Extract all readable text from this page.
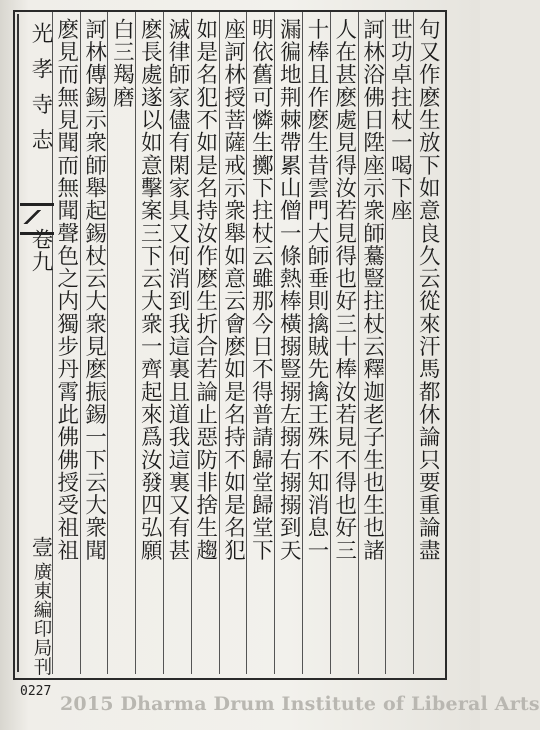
光孝寺志
卷九
壹
廣東編印局刊
句又作麽生放下如意良久云從來汗馬都休論只要重論盡
世功卓拄杖一喝下座
訶林浴佛日陞座示衆師驀豎拄杖云釋迦老子生也生也諸
人在甚麽處見得汝若見得也好三十棒汝若見不得也好三
十棒且作麽生昔雲門大師垂則擒賊先擒王殊不知消息一
漏徧地荆棘帶累山僧一條熱棒橫搦豎搦左搦右搦搦到天
明依舊可憐生擲下拄杖云雖那今日不得普請歸堂歸堂下
座訶林授菩薩戒示衆舉如意云會麽如是名持不如是名犯
如是名犯不如是名持汝作麽生折合若論止惡防非捨生趨
滅律師家儘有閑家具又何消到我這裏且道我這裏又有甚
麽長處遂以如意擊案三下云大衆一齊起來爲汝發四弘願
白三羯磨
訶林傳錫示衆師舉起錫杖云大衆見麽振錫一下云大衆聞
麽見而無見聞而無聞聲色之内獨步丹霄此佛佛授受祖祖
0227
2015 Dharma Drum Institute of Liberal Arts
